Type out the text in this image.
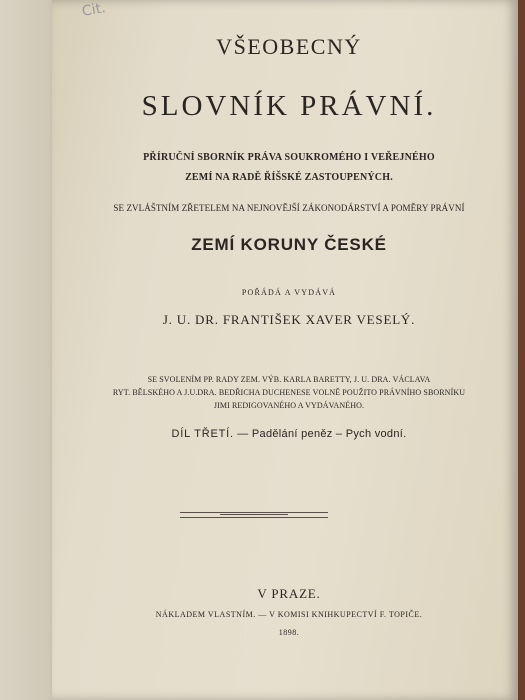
Cit.
VŠEOBECNÝ
SLOVNÍK PRÁVNÍ.
PŘÍRUČNÍ SBORNÍK PRÁVA SOUKROMÉHO I VEŘEJNÉHO
ZEMÍ NA RADĚ ŘÍŠSKÉ ZASTOUPENÝCH.
SE ZVLÁŠTNÍM ZŘETELEM NA NEJNOVĚJŠÍ ZÁKONODÁRSTVÍ A POMĚRY PRÁVNÍ
ZEMÍ KORUNY ČESKÉ
POŘÁDÁ A VYDÁVÁ
J. U. DR. FRANTIŠEK XAVER VESELÝ.
SE SVOLENÍM PP. RADY ZEM. VÝB. KARLA BARETTY, J. U. DRA. VÁCLAVA
RYT. BĚLSKÉHO A J.U.DRA. BEDŘICHA DUCHENESE VOLNĚ POUŽITO PRÁVNÍHO SBORNÍKU
JIMI REDIGOVANÉHO A VYDÁVANÉHO.
DÍL TŘETÍ. — Padělání peněz – Pych vodní.
V PRAZE.
NÁKLADEM VLASTNÍM. — V KOMISI KNIHKUPECTVÍ F. TOPIČE.
1898.
